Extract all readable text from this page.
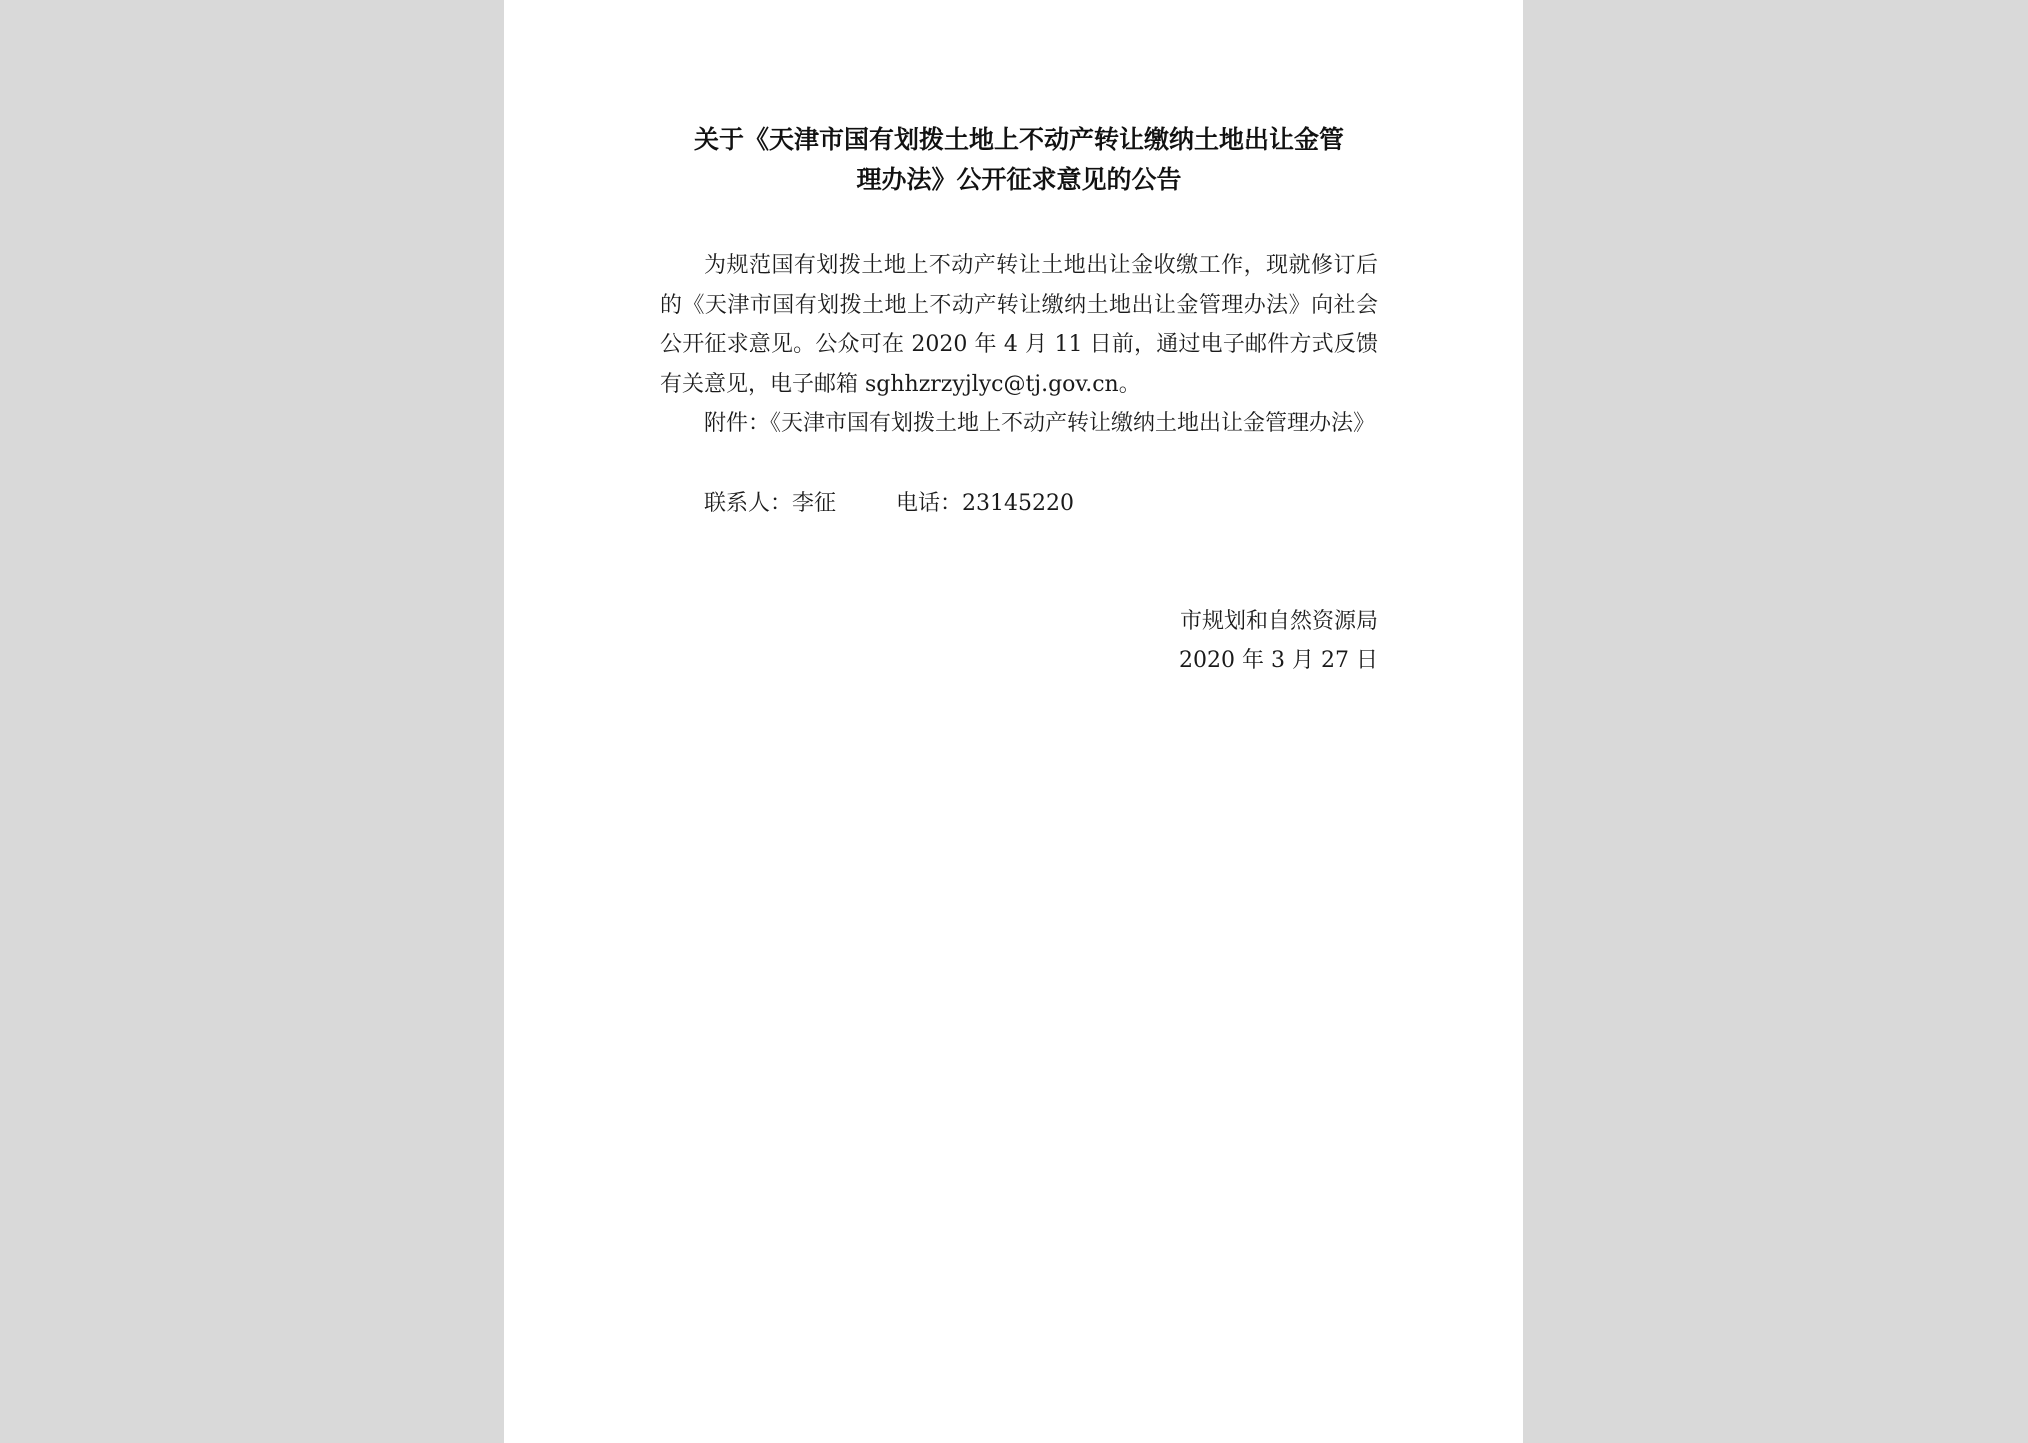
关于《天津市国有划拨土地上不动产转让缴纳土地出让金管
理办法》公开征求意见的公告

为规范国有划拨土地上不动产转让土地出让金收缴工作，现就修订后的《天津市国有划拨土地上不动产转让缴纳土地出让金管理办法》向社会公开征求意见。公众可在 2020 年 4 月 11 日前，通过电子邮件方式反馈有关意见，电子邮箱 sghhzrzyjlyc@tj.gov.cn。

附件：《天津市国有划拨土地上不动产转让缴纳土地出让金管理办法》

联系人：李征	电话：23145220
市规划和自然资源局
2020 年 3 月 27 日
